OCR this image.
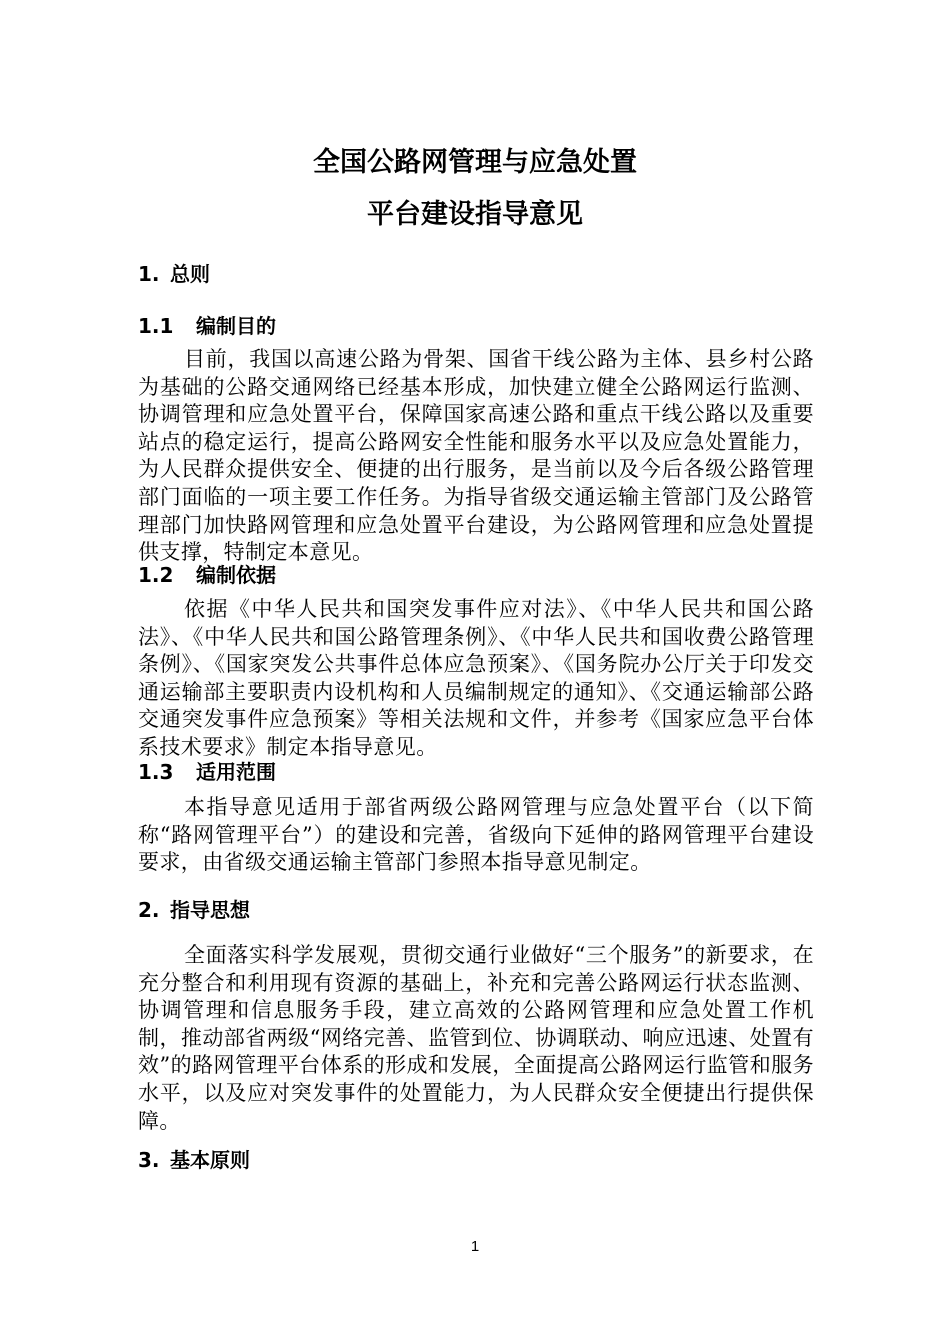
全国公路网管理与应急处置
平台建设指导意见
1. 总则
1.1 编制目的

目前，我国以高速公路为骨架、国省干线公路为主体、县乡村公路为基础的公路交通网络已经基本形成，加快建立健全公路网运行监测、协调管理和应急处置平台，保障国家高速公路和重点干线公路以及重要站点的稳定运行，提高公路网安全性能和服务水平以及应急处置能力，为人民群众提供安全、便捷的出行服务，是当前以及今后各级公路管理部门面临的一项主要工作任务。为指导省级交通运输主管部门及公路管理部门加快路网管理和应急处置平台建设，为公路网管理和应急处置提供支撑，特制定本意见。

1.2 编制依据

依据《中华人民共和国突发事件应对法》、《中华人民共和国公路法》、《中华人民共和国公路管理条例》、《中华人民共和国收费公路管理条例》、《国家突发公共事件总体应急预案》、《国务院办公厅关于印发交通运输部主要职责内设机构和人员编制规定的通知》、《交通运输部公路交通突发事件应急预案》等相关法规和文件，并参考《国家应急平台体系技术要求》制定本指导意见。

1.3 适用范围

本指导意见适用于部省两级公路网管理与应急处置平台（以下简称“路网管理平台”）的建设和完善，省级向下延伸的路网管理平台建设要求，由省级交通运输主管部门参照本指导意见制定。

2. 指导思想

全面落实科学发展观，贯彻交通行业做好“三个服务”的新要求，在充分整合和利用现有资源的基础上，补充和完善公路网运行状态监测、协调管理和信息服务手段，建立高效的公路网管理和应急处置工作机制，推动部省两级“网络完善、监管到位、协调联动、响应迅速、处置有效”的路网管理平台体系的形成和发展，全面提高公路网运行监管和服务水平，以及应对突发事件的处置能力，为人民群众安全便捷出行提供保障。

3. 基本原则
1
